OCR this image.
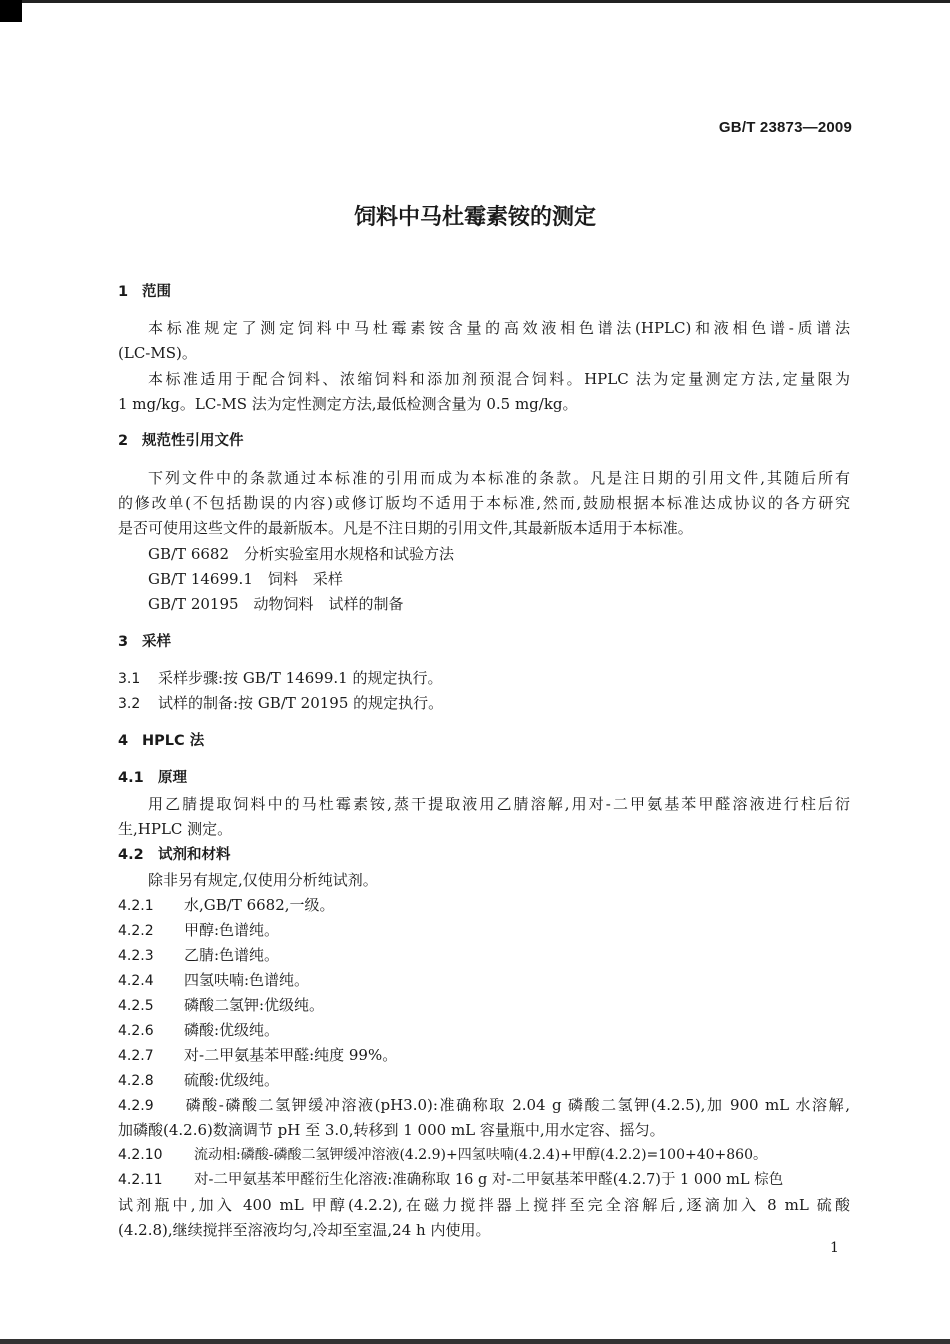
GB/T 23873—2009
饲料中马杜霉素铵的测定
1 范围
本标准规定了测定饲料中马杜霉素铵含量的高效液相色谱法(HPLC)和液相色谱-质谱法
(LC-MS)。
本标准适用于配合饲料、浓缩饲料和添加剂预混合饲料。HPLC 法为定量测定方法,定量限为
1 mg/kg。LC-MS 法为定性测定方法,最低检测含量为 0.5 mg/kg。
2 规范性引用文件
下列文件中的条款通过本标准的引用而成为本标准的条款。凡是注日期的引用文件,其随后所有
的修改单(不包括勘误的内容)或修订版均不适用于本标准,然而,鼓励根据本标准达成协议的各方研究
是否可使用这些文件的最新版本。凡是不注日期的引用文件,其最新版本适用于本标准。
GB/T 6682　分析实验室用水规格和试验方法
GB/T 14699.1　饲料　采样
GB/T 20195　动物饲料　试样的制备
3 采样
3.1 采样步骤:按 GB/T 14699.1 的规定执行。
3.2 试样的制备:按 GB/T 20195 的规定执行。
4 HPLC 法
4.1 原理
用乙腈提取饲料中的马杜霉素铵,蒸干提取液用乙腈溶解,用对-二甲氨基苯甲醛溶液进行柱后衍
生,HPLC 测定。
4.2 试剂和材料
除非另有规定,仅使用分析纯试剂。
4.2.1 水,GB/T 6682,一级。
4.2.2 甲醇:色谱纯。
4.2.3 乙腈:色谱纯。
4.2.4 四氢呋喃:色谱纯。
4.2.5 磷酸二氢钾:优级纯。
4.2.6 磷酸:优级纯。
4.2.7 对-二甲氨基苯甲醛:纯度 99%。
4.2.8 硫酸:优级纯。
4.2.9 磷酸-磷酸二氢钾缓冲溶液(pH3.0):准确称取 2.04 g 磷酸二氢钾(4.2.5),加 900 mL 水溶解,
加磷酸(4.2.6)数滴调节 pH 至 3.0,转移到 1 000 mL 容量瓶中,用水定容、摇匀。
4.2.10 流动相:磷酸-磷酸二氢钾缓冲溶液(4.2.9)+四氢呋喃(4.2.4)+甲醇(4.2.2)=100+40+860。
4.2.11 对-二甲氨基苯甲醛衍生化溶液:准确称取 16 g 对-二甲氨基苯甲醛(4.2.7)于 1 000 mL 棕色
试剂瓶中,加入 400 mL 甲醇(4.2.2),在磁力搅拌器上搅拌至完全溶解后,逐滴加入 8 mL 硫酸
(4.2.8),继续搅拌至溶液均匀,冷却至室温,24 h 内使用。
1
